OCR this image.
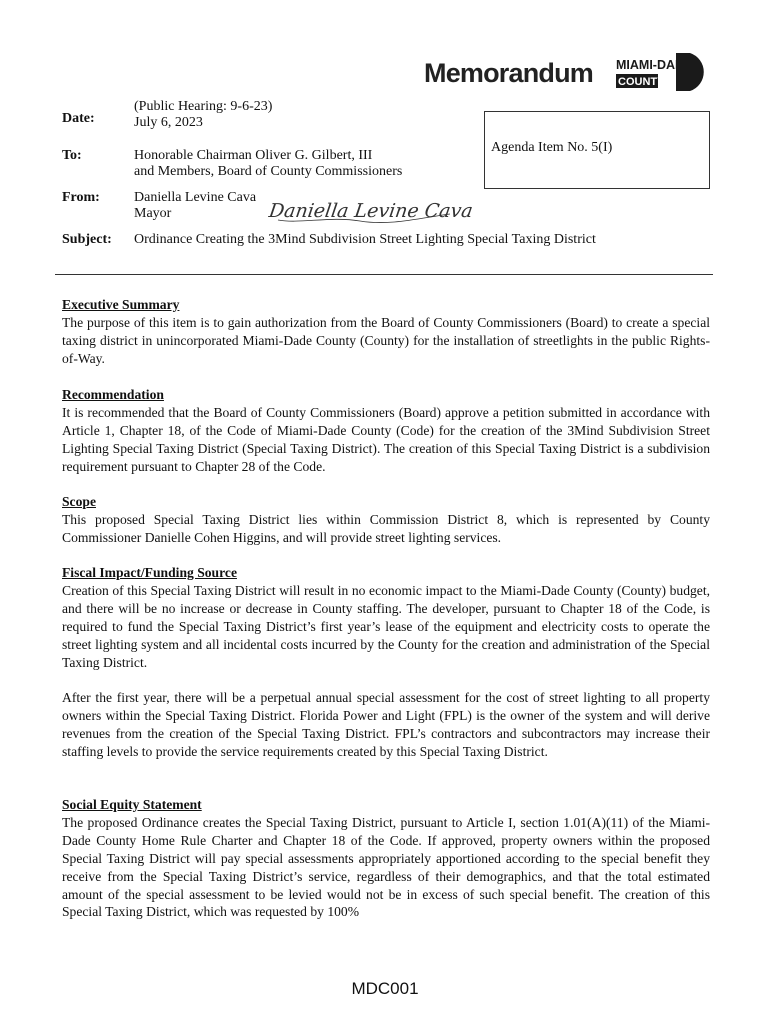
Memorandum MIAMI-DADE
COUNTY
Date:
(Public Hearing: 9-6-23)
July 6, 2023
To:	Honorable Chairman Oliver G. Gilbert, III
and Members, Board of County Commissioners
From: Daniella Levine Cava
Mayor	Daniella Levine Cava
Subject: Ordinance Creating the 3Mind Subdivision Street Lighting Special Taxing District
Agenda Item No. 5(I)
Executive Summary

The purpose of this item is to gain authorization from the Board of County Commissioners (Board) to create a special taxing district in unincorporated Miami-Dade County (County) for the installation of streetlights in the public Rights-of-Way.

Recommendation

It is recommended that the Board of County Commissioners (Board) approve a petition submitted in accordance with Article 1, Chapter 18, of the Code of Miami-Dade County (Code) for the creation of the 3Mind Subdivision Street Lighting Special Taxing District (Special Taxing District). The creation of this Special Taxing District is a subdivision requirement pursuant to Chapter 28 of the Code.

Scope

This proposed Special Taxing District lies within Commission District 8, which is represented by County Commissioner Danielle Cohen Higgins, and will provide street lighting services.

Fiscal Impact/Funding Source

Creation of this Special Taxing District will result in no economic impact to the Miami-Dade County (County) budget, and there will be no increase or decrease in County staffing. The developer, pursuant to Chapter 18 of the Code, is required to fund the Special Taxing District’s first year’s lease of the equipment and electricity costs to operate the street lighting system and all incidental costs incurred by the County for the creation and administration of the Special Taxing District.

After the first year, there will be a perpetual annual special assessment for the cost of street lighting to all property owners within the Special Taxing District. Florida Power and Light (FPL) is the owner of the system and will derive revenues from the creation of the Special Taxing District. FPL’s contractors and subcontractors may increase their staffing levels to provide the service requirements created by this Special Taxing District.

Social Equity Statement

The proposed Ordinance creates the Special Taxing District, pursuant to Article I, section 1.01(A)(11) of the Miami-Dade County Home Rule Charter and Chapter 18 of the Code. If approved, property owners within the proposed Special Taxing District will pay special assessments appropriately apportioned according to the special benefit they receive from the Special Taxing District’s service, regardless of their demographics, and that the total estimated amount of the special assessment to be levied would not be in excess of such special benefit. The creation of this Special Taxing District, which was requested by 100%

MDC001
